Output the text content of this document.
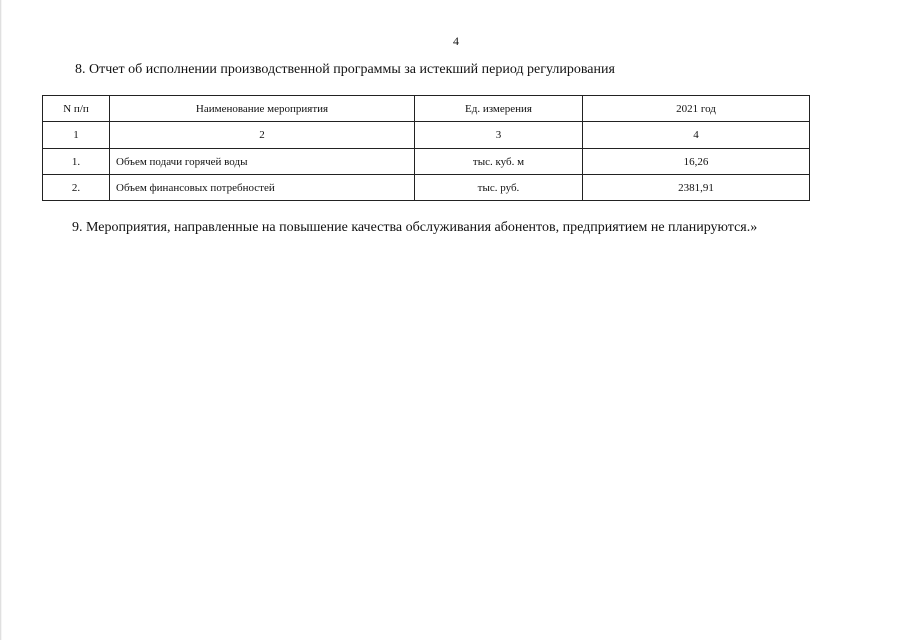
4
8. Отчет об исполнении производственной программы за истекший период регулирования
N п/п	Наименование мероприятия	Ед. измерения	2021 год
1	2	3	4
1.	Объем подачи горячей воды	тыс. куб. м	16,26
2.	Объем финансовых потребностей	тыс. руб.	2381,91
9. Мероприятия, направленные на повышение качества обслуживания абонентов, предприятием не планируются.»
